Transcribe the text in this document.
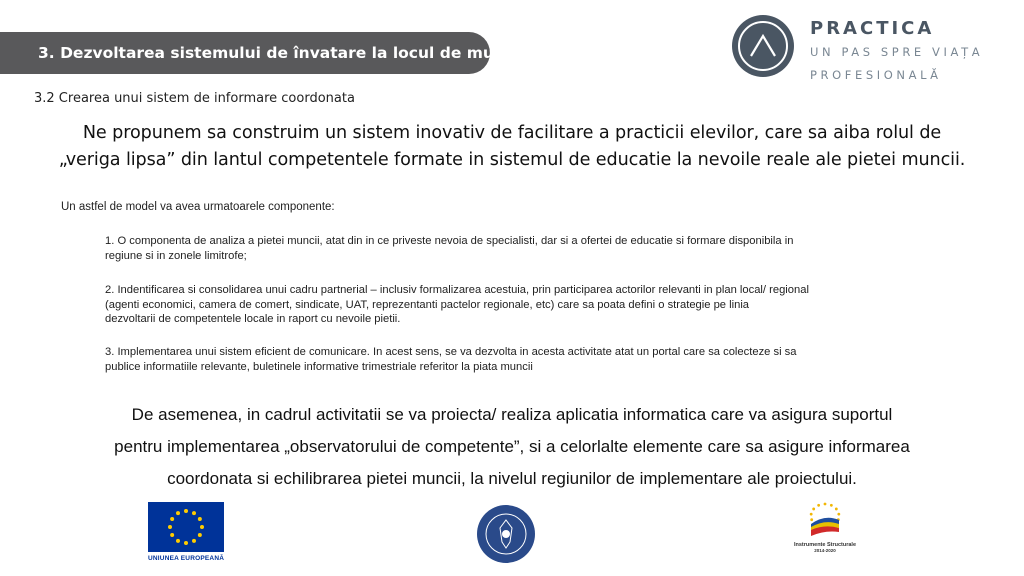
3. Dezvoltarea sistemului de învatare la locul de munca
PRACTICA
UN PAS SPRE VIAȚA
PROFESIONALĂ
3.2 Crearea unui sistem de informare coordonata
Ne propunem sa construim un sistem inovativ de facilitare a practicii elevilor, care sa aiba rolul de
„veriga lipsa” din lantul competentele formate in sistemul de educatie la nevoile reale ale pietei muncii.
Un astfel de model va avea urmatoarele componente:
1. O componenta de analiza a pietei muncii, atat din in ce priveste nevoia de specialisti, dar si a ofertei de educatie si formare disponibila in
regiune si in zonele limitrofe;
2. Indentificarea si consolidarea unui cadru partnerial – inclusiv formalizarea acestuia, prin participarea actorilor relevanti in plan local/ regional
(agenti economici, camera de comert, sindicate, UAT, reprezentanti pactelor regionale, etc) care sa poata defini o strategie pe linia
dezvoltarii de competentele locale in raport cu nevoile pietii.
3. Implementarea unui sistem eficient de comunicare. In acest sens, se va dezvolta in acesta activitate atat un portal care sa colecteze si sa
publice informatiile relevante, buletinele informative trimestriale referitor la piata muncii
De asemenea, in cadrul activitatii se va proiecta/ realiza aplicatia informatica care va asigura suportul
pentru implementarea „observatorului de competente”, si a celorlalte elemente care sa asigure informarea
coordonata si echilibrarea pietei muncii, la nivelul regiunilor de implementare ale proiectului.
UNIUNEA EUROPEANĂ
Instrumente Structurale
2014-2020
